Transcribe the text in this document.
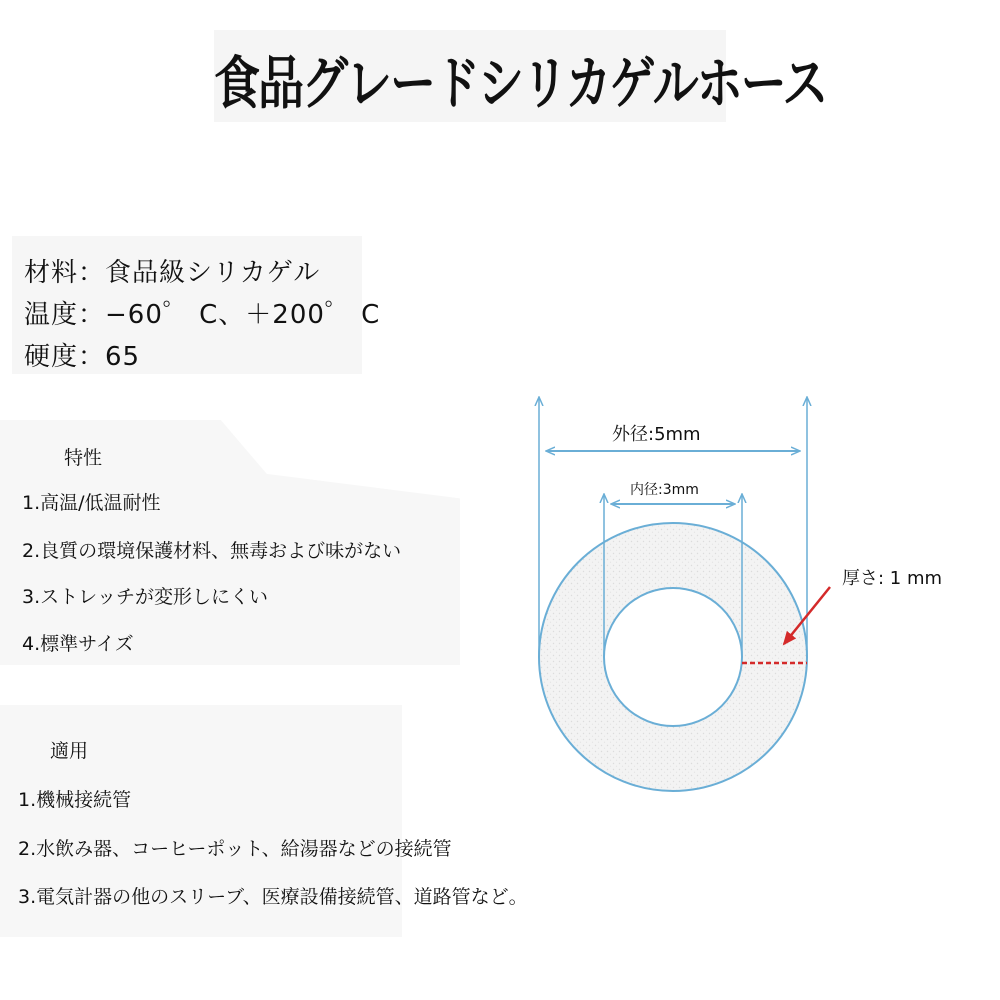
食品グレードシリカゲルホース
材料：食品級シリカゲル
温度：−60゜ C、＋200゜ C
硬度：65
特性
1.高温/低温耐性
2.良質の環境保護材料、無毒および味がない
3.ストレッチが変形しにくい
4.標準サイズ
適用
1.機械接続管
2.水飲み器、コーヒーポット、給湯器などの接続管
3.電気計器の他のスリーブ、医療設備接続管、道路管など。
外径:5mm
内径:3mm
厚さ: 1 mm
